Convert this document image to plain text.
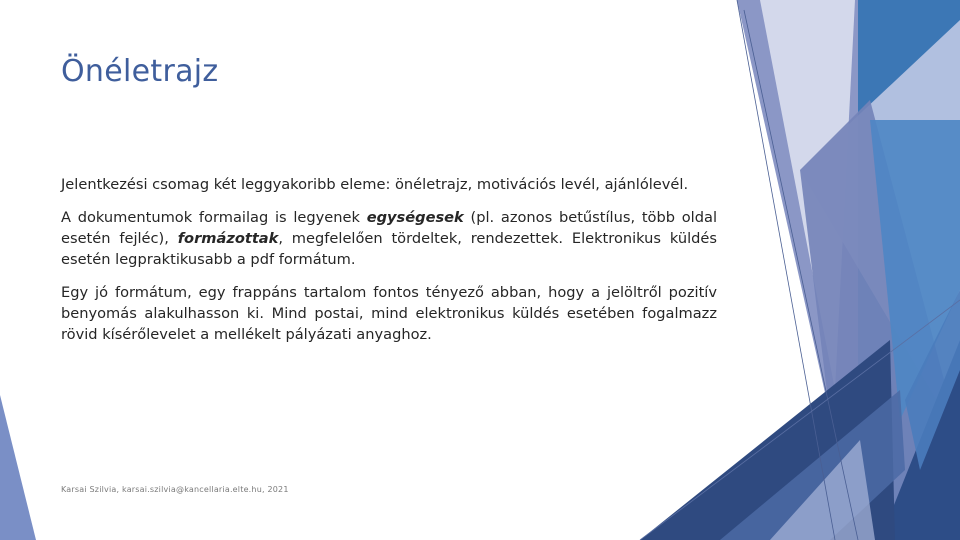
Önéletrajz

Jelentkezési csomag két leggyakoribb eleme: önéletrajz, motivációs levél, ajánlólevél.

A dokumentumok formailag is legyenek egységesek (pl. azonos betűstílus, több oldal esetén fejléc), formázottak, megfelelően tördeltek, rendezettek. Elektronikus küldés esetén legpraktikusabb a pdf formátum.

Egy jó formátum, egy frappáns tartalom fontos tényező abban, hogy a jelöltről pozitív benyomás alakulhasson ki. Mind postai, mind elektronikus küldés esetében fogalmazz rövid kísérőlevelet a mellékelt pályázati anyaghoz.

Karsai Szilvia, karsai.szilvia@kancellaria.elte.hu, 2021
